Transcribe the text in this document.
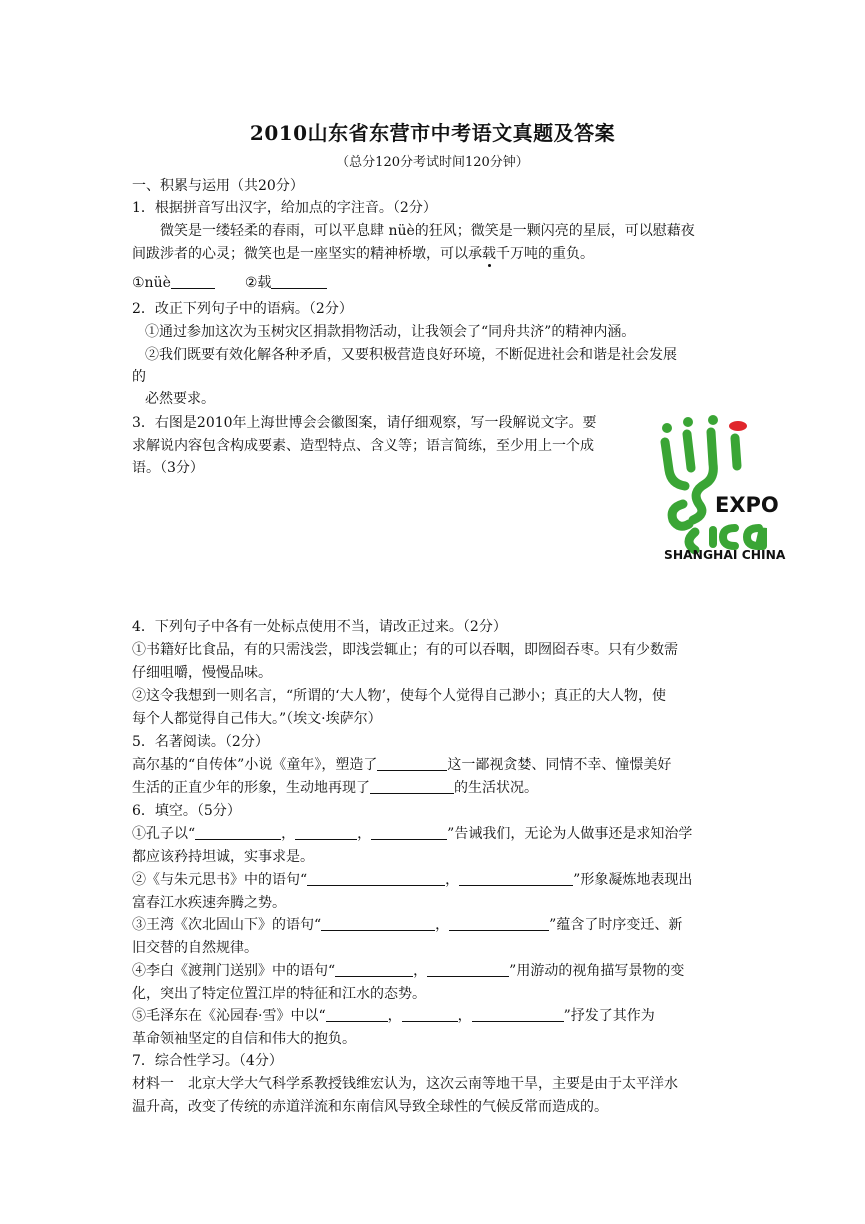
2010山东省东营市中考语文真题及答案
（总分120分考试时间120分钟）
一、积累与运用（共20分）
1．根据拼音写出汉字，给加点的字注音。（2分）
微笑是一缕轻柔的春雨，可以平息肆 nüè的狂风；微笑是一颗闪亮的星辰，可以慰藉夜
间跋涉者的心灵；微笑也是一座坚实的精神桥墩，可以承载千万吨的重负。
①nüè	②载
2．改正下列句子中的语病。（2分）
①通过参加这次为玉树灾区捐款捐物活动，让我领会了“同舟共济”的精神内涵。
②我们既要有效化解各种矛盾，又要积极营造良好环境，不断促进社会和谐是社会发展
的
必然要求。
3．右图是2010年上海世博会会徽图案，请仔细观察，写一段解说文字。要
求解说内容包含构成要素、造型特点、含义等；语言简练，至少用上一个成
语。（3分）
EXPO
SHANGHAI CHINA
4．下列句子中各有一处标点使用不当，请改正过来。（2分）
①书籍好比食品，有的只需浅尝，即浅尝辄止；有的可以吞咽，即囫囵吞枣。只有少数需
仔细咀嚼，慢慢品味。
②这令我想到一则名言，“所谓的‘大人物’，使每个人觉得自己渺小；真正的大人物，使
每个人都觉得自己伟大。”（埃文·埃萨尔）
5．名著阅读。（2分）
高尔基的“自传体”小说《童年》，塑造了	这一鄙视贪婪、同情不幸、憧憬美好
生活的正直少年的形象，生动地再现了	的生活状况。
6．填空。（5分）
①孔子以“	，	，	”告诫我们，无论为人做事还是求知治学
都应该矜持坦诚，实事求是。
②《与朱元思书》中的语句“	，	”形象凝炼地表现出
富春江水疾速奔腾之势。
③王湾《次北固山下》的语句“	，	”蕴含了时序变迁、新
旧交替的自然规律。
④李白《渡荆门送别》中的语句“	，	”用游动的视角描写景物的变
化，突出了特定位置江岸的特征和江水的态势。
⑤毛泽东在《沁园春·雪》中以“	，	，	”抒发了其作为
革命领袖坚定的自信和伟大的抱负。
7．综合性学习。（4分）
材料一　北京大学大气科学系教授钱维宏认为，这次云南等地干旱，主要是由于太平洋水
温升高，改变了传统的赤道洋流和东南信风导致全球性的气候反常而造成的。
